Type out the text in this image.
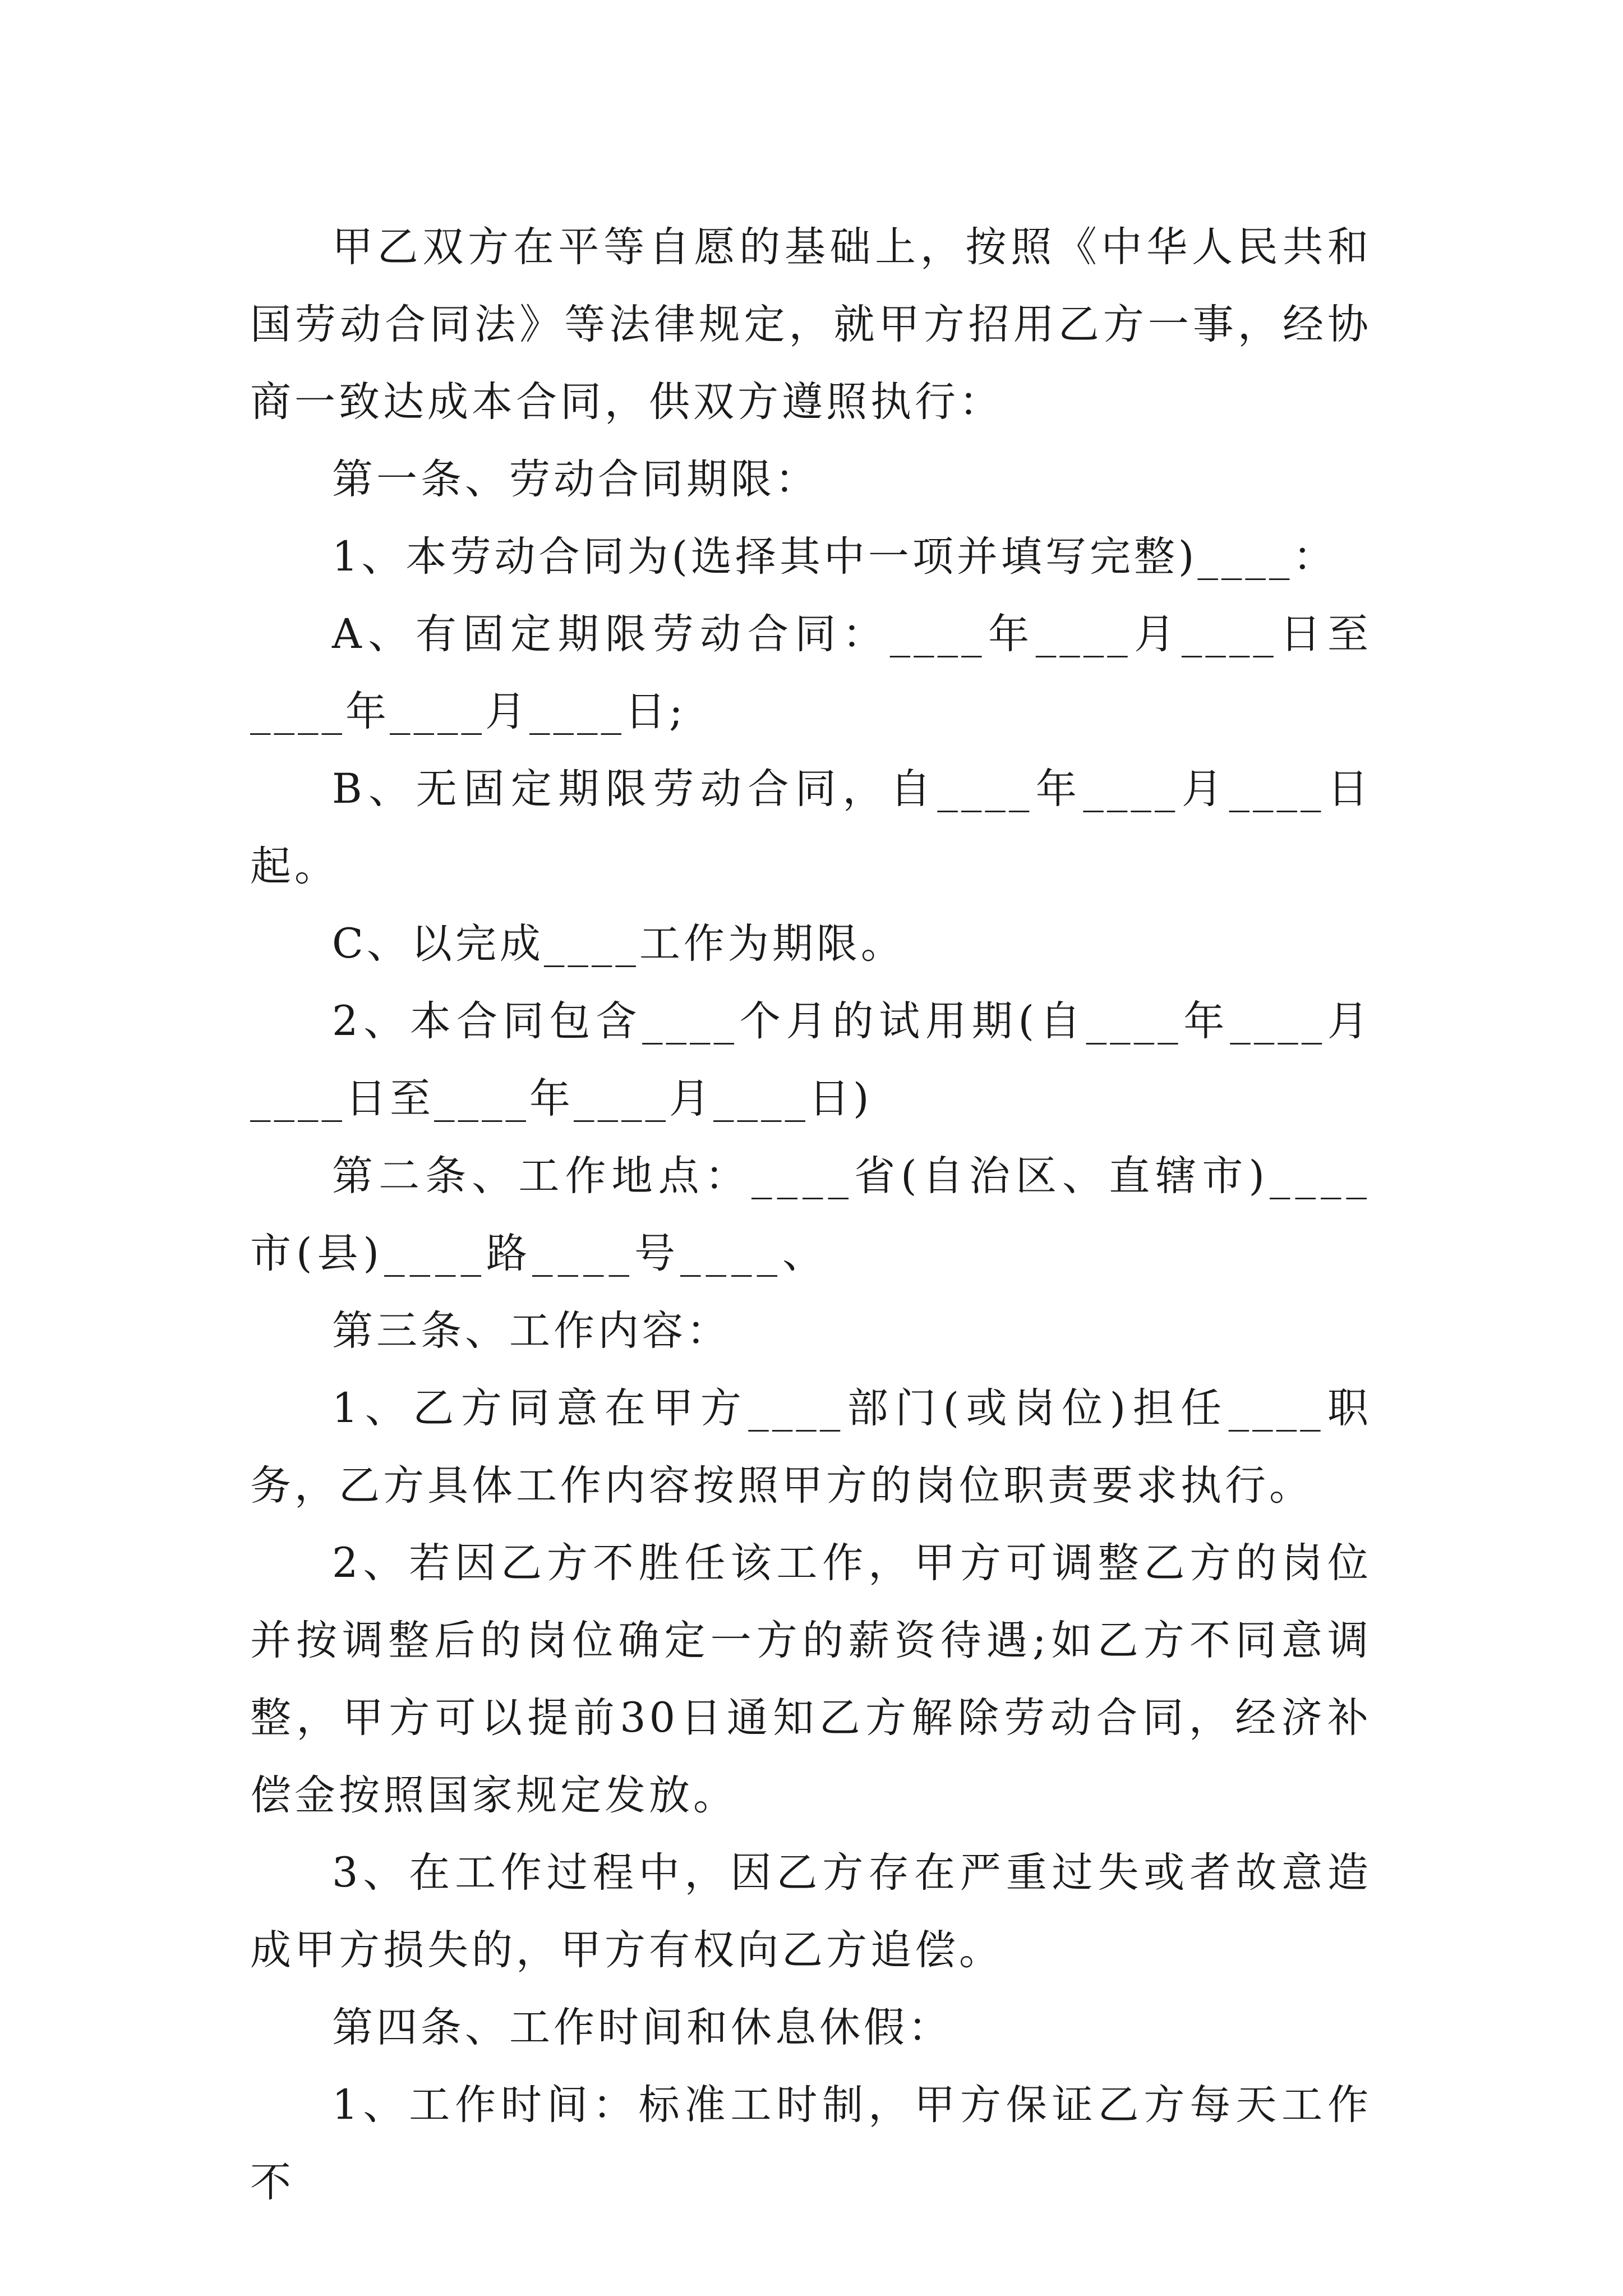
甲乙双方在平等自愿的基础上，按照《中华人民共和国劳动合同法》等法律规定，就甲方招用乙方一事，经协商一致达成本合同，供双方遵照执行：

第一条、劳动合同期限：

1、本劳动合同为(选择其中一项并填写完整)____：

A、有固定期限劳动合同：____年____月____日至____年____月____日;

B、无固定期限劳动合同，自____年____月____日起。

C、以完成____工作为期限。

2、本合同包含____个月的试用期(自____年____月____日至____年____月____日)

第二条、工作地点：____省(自治区、直辖市)____市(县)____路____号____、

第三条、工作内容：

1、乙方同意在甲方____部门(或岗位)担任____职务，乙方具体工作内容按照甲方的岗位职责要求执行。

2、若因乙方不胜任该工作，甲方可调整乙方的岗位并按调整后的岗位确定一方的薪资待遇;如乙方不同意调整，甲方可以提前30日通知乙方解除劳动合同，经济补偿金按照国家规定发放。

3、在工作过程中，因乙方存在严重过失或者故意造成甲方损失的，甲方有权向乙方追偿。

第四条、工作时间和休息休假：

1、工作时间：标准工时制，甲方保证乙方每天工作不
